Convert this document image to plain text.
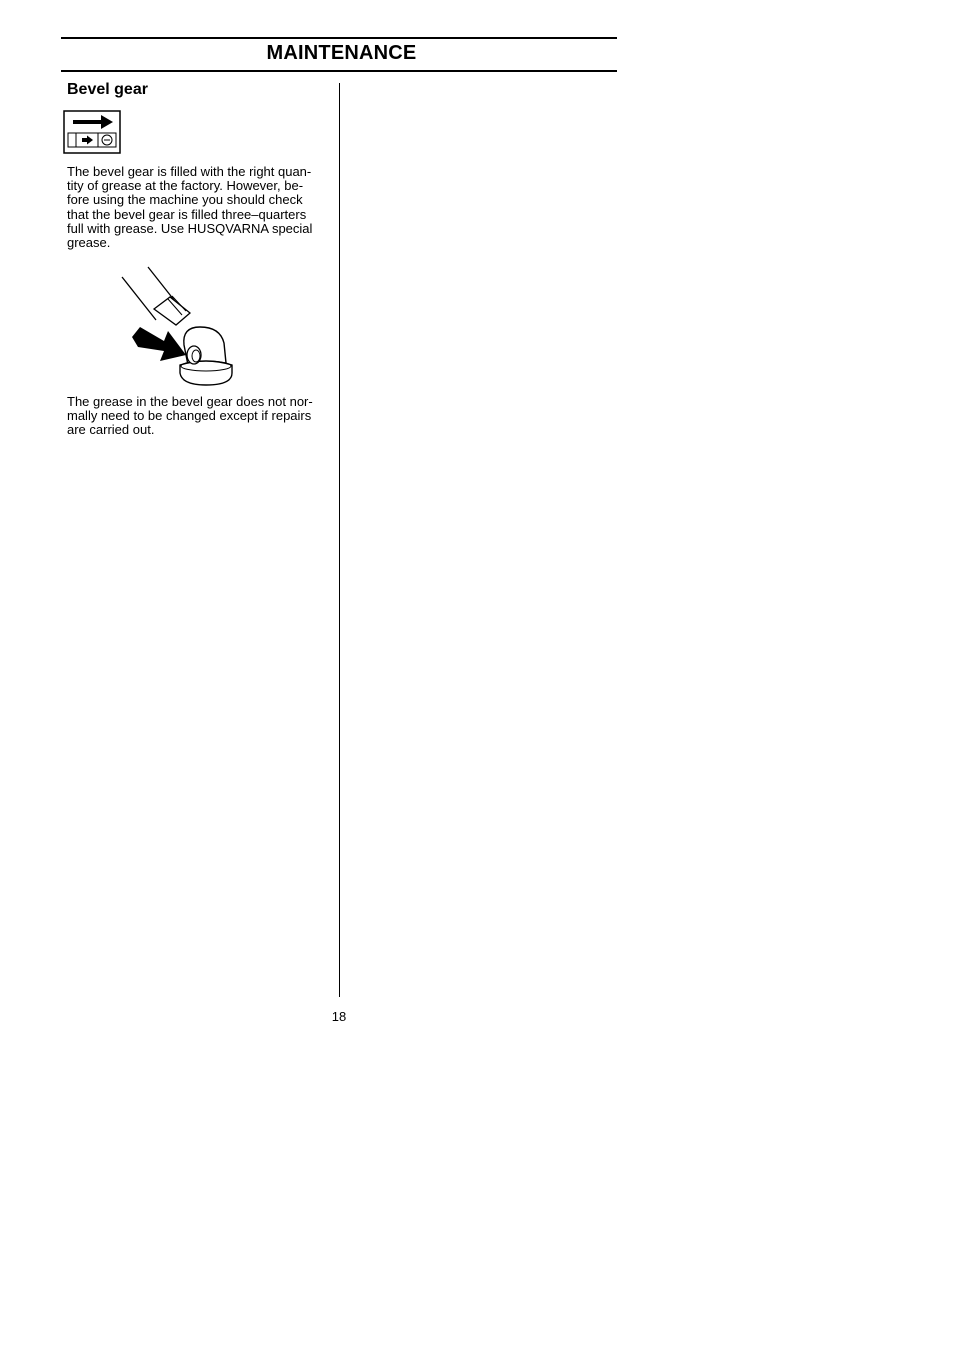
MAINTENANCE
Bevel gear

The bevel gear is filled with the right quan-
tity of grease at the factory. However, be-
fore using the machine you should check
that the bevel gear is filled three–quarters
full with grease. Use HUSQVARNA special
grease.

The grease in the bevel gear does not nor-
mally need to be changed except if repairs
are carried out.

18
